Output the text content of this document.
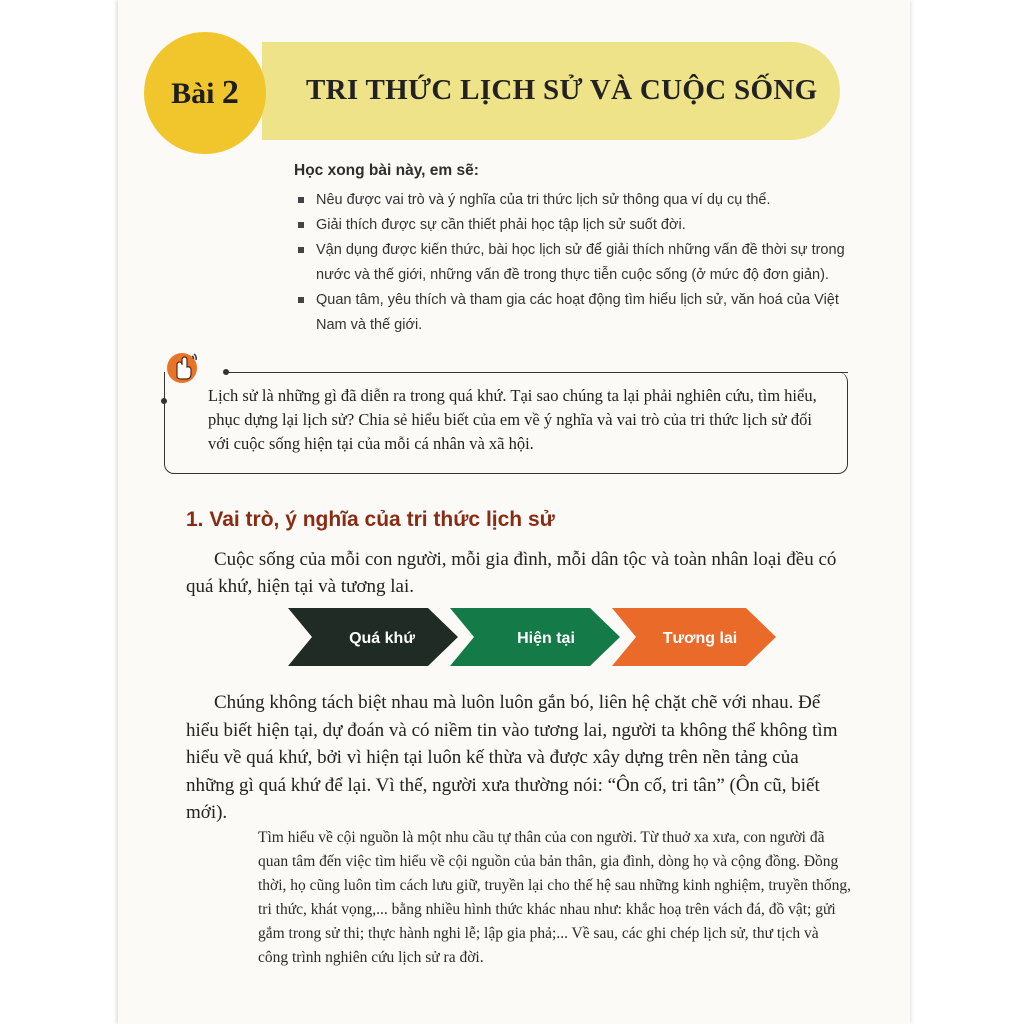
Bài 2 TRI THỨC LỊCH SỬ VÀ CUỘC SỐNG
Học xong bài này, em sẽ:
Nêu được vai trò và ý nghĩa của tri thức lịch sử thông qua ví dụ cụ thể.
Giải thích được sự cần thiết phải học tập lịch sử suốt đời.
Vận dụng được kiến thức, bài học lịch sử để giải thích những vấn đề thời sự trong nước và thế giới, những vấn đề trong thực tiễn cuộc sống (ở mức độ đơn giản).
Quan tâm, yêu thích và tham gia các hoạt động tìm hiểu lịch sử, văn hoá của Việt Nam và thế giới.
Lịch sử là những gì đã diễn ra trong quá khứ. Tại sao chúng ta lại phải nghiên cứu, tìm hiểu, phục dựng lại lịch sử? Chia sẻ hiểu biết của em về ý nghĩa và vai trò của tri thức lịch sử đối với cuộc sống hiện tại của mỗi cá nhân và xã hội.
1. Vai trò, ý nghĩa của tri thức lịch sử
Cuộc sống của mỗi con người, mỗi gia đình, mỗi dân tộc và toàn nhân loại đều có quá khứ, hiện tại và tương lai.
Quá khứ	Hiện tại	Tương lai
Chúng không tách biệt nhau mà luôn luôn gắn bó, liên hệ chặt chẽ với nhau. Để hiểu biết hiện tại, dự đoán và có niềm tin vào tương lai, người ta không thể không tìm hiểu về quá khứ, bởi vì hiện tại luôn kế thừa và được xây dựng trên nền tảng của những gì quá khứ để lại. Vì thế, người xưa thường nói: “Ôn cố, tri tân” (Ôn cũ, biết mới).
Tìm hiểu về cội nguồn là một nhu cầu tự thân của con người. Từ thuở xa xưa, con người đã quan tâm đến việc tìm hiểu về cội nguồn của bản thân, gia đình, dòng họ và cộng đồng. Đồng thời, họ cũng luôn tìm cách lưu giữ, truyền lại cho thế hệ sau những kinh nghiệm, truyền thống, tri thức, khát vọng,... bằng nhiều hình thức khác nhau như: khắc hoạ trên vách đá, đồ vật; gửi gắm trong sử thi; thực hành nghi lễ; lập gia phả;... Về sau, các ghi chép lịch sử, thư tịch và công trình nghiên cứu lịch sử ra đời.
